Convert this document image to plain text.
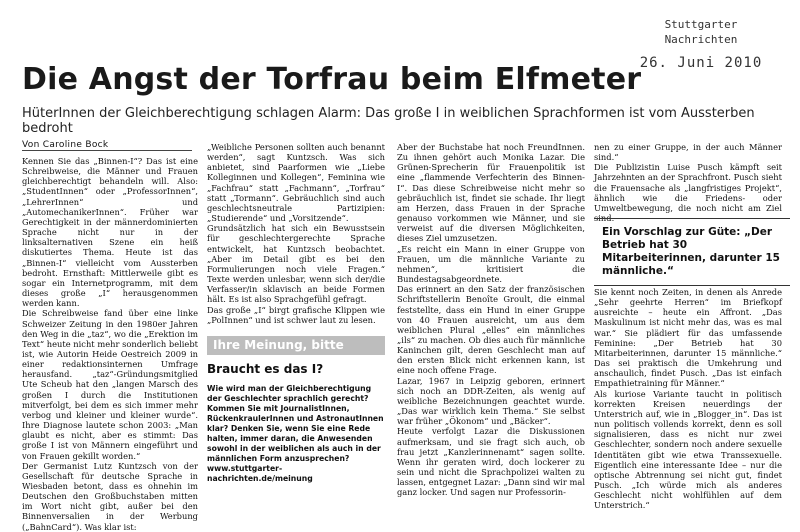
Stuttgarter Nachrichten
26. Juni 2010
Die Angst der Torfrau beim Elfmeter
HüterInnen der Gleichberechtigung schlagen Alarm: Das große I in weiblichen Sprachformen ist vom Aussterben bedroht
Von Caroline Bock
Kennen Sie das „Binnen-I“? Das ist eine Schreibweise, die Männer und Frauen gleichberechtigt behandeln will. Also: „StudentInnen“ oder „ProfessorInnen“, „LehrerInnen“ und „AutomechanikerInnen“. Früher war Gerechtigkeit in der männerdominierten Sprache nicht nur in der linksalternativen Szene ein heiß diskutiertes Thema. Heute ist das „Binnen-I“ vielleicht vom Aussterben bedroht. Ernsthaft: Mittlerweile gibt es sogar ein Internetprogramm, mit dem dieses große „I“ herausgenommen werden kann.
Die Schreibweise fand über eine linke Schweizer Zeitung in den 1980er Jahren den Weg in die „taz“, wo die „Erektion im Text“ heute nicht mehr sonderlich beliebt ist, wie Autorin Heide Oestreich 2009 in einer redaktionsinternen Umfrage herausfand. „taz“-Gründungsmitglied Ute Scheub hat den „langen Marsch des großen I durch die Institutionen mitverfolgt, bei dem es sich immer mehr verbog und kleiner und kleiner wurde“. Ihre Diagnose lautete schon 2003: „Man glaubt es nicht, aber es stimmt: Das große I ist von Männern eingeführt und von Frauen gekillt worden.“
Der Germanist Lutz Kuntzsch von der Gesellschaft für deutsche Sprache in Wiesbaden betont, dass es ohnehin im Deutschen den Großbuchstaben mitten im Wort nicht gibt, außer bei den Binnenversalien in der Werbung („BahnCard“). Was klar ist:
„Weibliche Personen sollten auch benannt werden“, sagt Kuntzsch. Was sich anbietet, sind Paarformen wie „Liebe Kolleginnen und Kollegen“, Feminina wie „Fachfrau“ statt „Fachmann“, „Torfrau“ statt „Tormann“. Gebräuchlich sind auch geschlechtsneutrale Partizipien: „Studierende“ und „Vorsitzende“.
Grundsätzlich hat sich ein Bewusstsein für geschlechtergerechte Sprache entwickelt, hat Kuntzsch beobachtet. „Aber im Detail gibt es bei den Formulierungen noch viele Fragen.“ Texte werden unlesbar, wenn sich der/die Verfasser/in sklavisch an beide Formen hält. Es ist also Sprachgefühl gefragt.
Das große „I“ birgt grafische Klippen wie „PolInnen“ und ist schwer laut zu lesen.
Ihre Meinung, bitte
Braucht es das I?
Wie wird man der Gleichberechtigung der Geschlechter sprachlich gerecht? Kommen Sie mit JournalistInnen, RückenkraulerInnen und AstronautInnen klar? Denken Sie, wenn Sie eine Rede halten, immer daran, die Anwesenden sowohl in der weiblichen als auch in der männlichen Form anzusprechen?
www.stuttgarter-nachrichten.de/meinung
Aber der Buchstabe hat noch FreundInnen. Zu ihnen gehört auch Monika Lazar. Die Grünen-Sprecherin für Frauenpolitik ist eine „flammende Verfechterin des Binnen-I“. Das diese Schreibweise nicht mehr so gebräuchlich ist, findet sie schade. Ihr liegt am Herzen, dass Frauen in der Sprache genauso vorkommen wie Männer, und sie verweist auf die diversen Möglichkeiten, dieses Ziel umzusetzen.
„Es reicht ein Mann in einer Gruppe von Frauen, um die männliche Variante zu nehmen“, kritisiert die Bundestagsabgeordnete.
Das erinnert an den Satz der französischen Schriftstellerin Benoîte Groult, die einmal feststellte, dass ein Hund in einer Gruppe von 40 Frauen ausreicht, um aus dem weiblichen Plural „elles“ ein männliches „ils“ zu machen. Ob dies auch für männliche Kaninchen gilt, deren Geschlecht man auf den ersten Blick nicht erkennen kann, ist eine noch offene Frage.
Lazar, 1967 in Leipzig geboren, erinnert sich noch an DDR-Zeiten, als wenig auf weibliche Bezeichnungen geachtet wurde. „Das war wirklich kein Thema.“ Sie selbst war früher „Ökonom“ und „Bäcker“.
Heute verfolgt Lazar die Diskussionen aufmerksam, und sie fragt sich auch, ob frau jetzt „Kanzlerinnenamt“ sagen sollte. Wenn ihr geraten wird, doch lockerer zu sein und nicht die Sprachpolizei walten zu lassen, entgegnet Lazar: „Dann sind wir mal ganz locker. Und sagen nur Professorin-
nen zu einer Gruppe, in der auch Männer sind.“
Die Publizistin Luise Pusch kämpft seit Jahrzehnten an der Sprachfront. Pusch sieht die Frauensache als „langfristiges Projekt“, ähnlich wie die Friedens- oder Umweltbewegung, die noch nicht am Ziel sind.
Ein Vorschlag zur Güte: „Der Betrieb hat 30 Mitarbeiterinnen, darunter 15 männliche.“
Sie kennt noch Zeiten, in denen als Anrede „Sehr geehrte Herren“ im Briefkopf ausreichte – heute ein Affront. „Das Maskulinum ist nicht mehr das, was es mal war.“ Sie plädiert für das umfassende Feminine: „Der Betrieb hat 30 Mitarbeiterinnen, darunter 15 männliche.“ Das sei praktisch die Umkehrung und anschaulich, findet Pusch. „Das ist einfach Empathietraining für Männer.“
Als kuriose Variante taucht in politisch korrekten Kreisen neuerdings der Unterstrich auf, wie in „Blogger_in“. Das ist nun politisch vollends korrekt, denn es soll signalisieren, dass es nicht nur zwei Geschlechter, sondern noch andere sexuelle Identitäten gibt wie etwa Transsexuelle. Eigentlich eine interessante Idee – nur die optische Abtrennung sei nicht gut, findet Pusch. „Ich würde mich als anderes Geschlecht nicht wohlfühlen auf dem Unterstrich.“
